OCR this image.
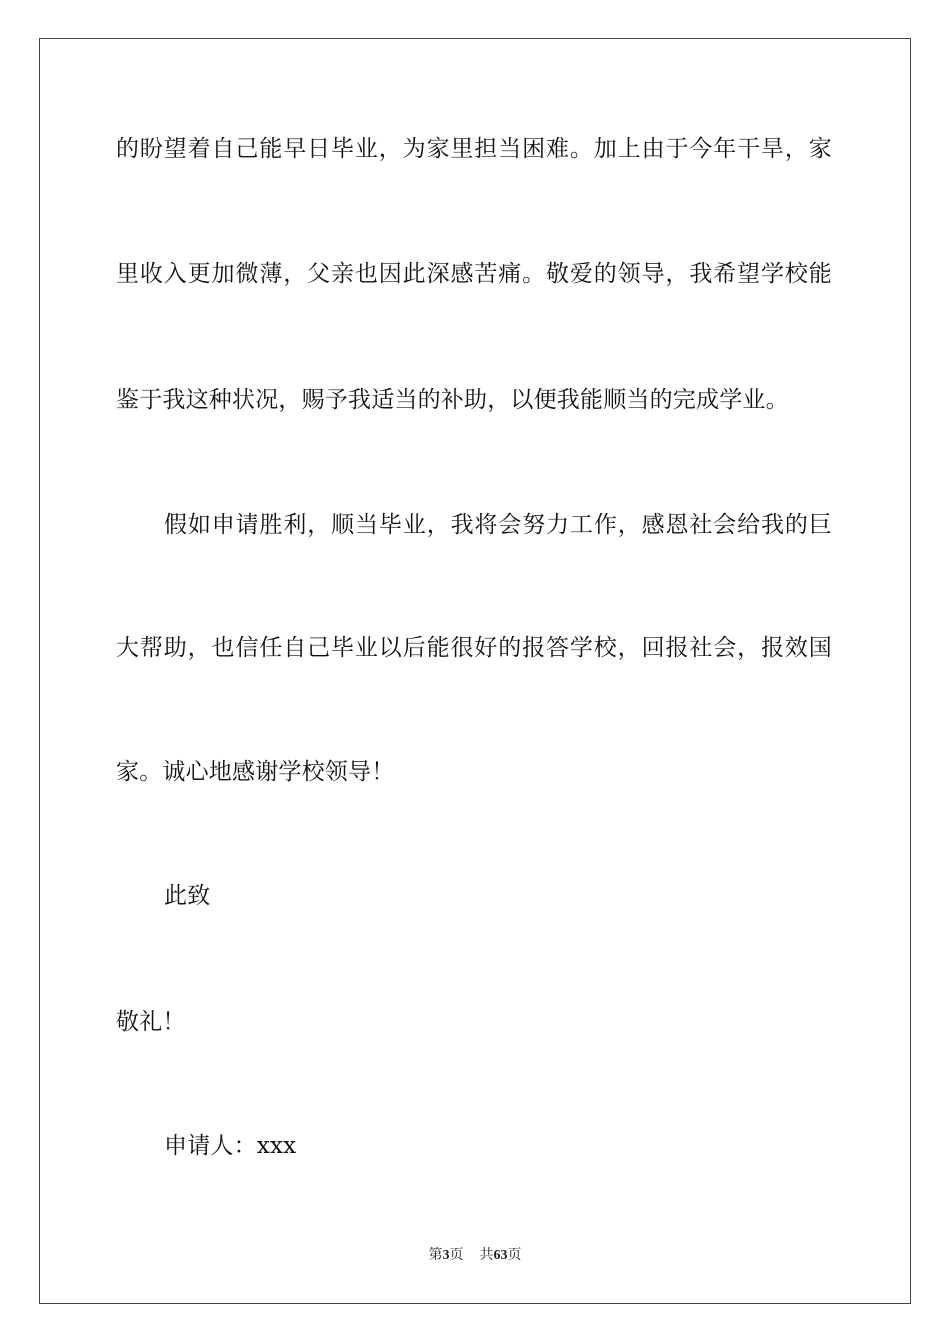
的盼望着自己能早日毕业，为家里担当困难。加上由于今年干旱，家
里收入更加微薄，父亲也因此深感苦痛。敬爱的领导，我希望学校能
鉴于我这种状况，赐予我适当的补助，以便我能顺当的完成学业。
假如申请胜利，顺当毕业，我将会努力工作，感恩社会给我的巨
大帮助，也信任自己毕业以后能很好的报答学校，回报社会，报效国
家。诚心地感谢学校领导！
此致
敬礼！
申请人：xxx
第3页 共63页
